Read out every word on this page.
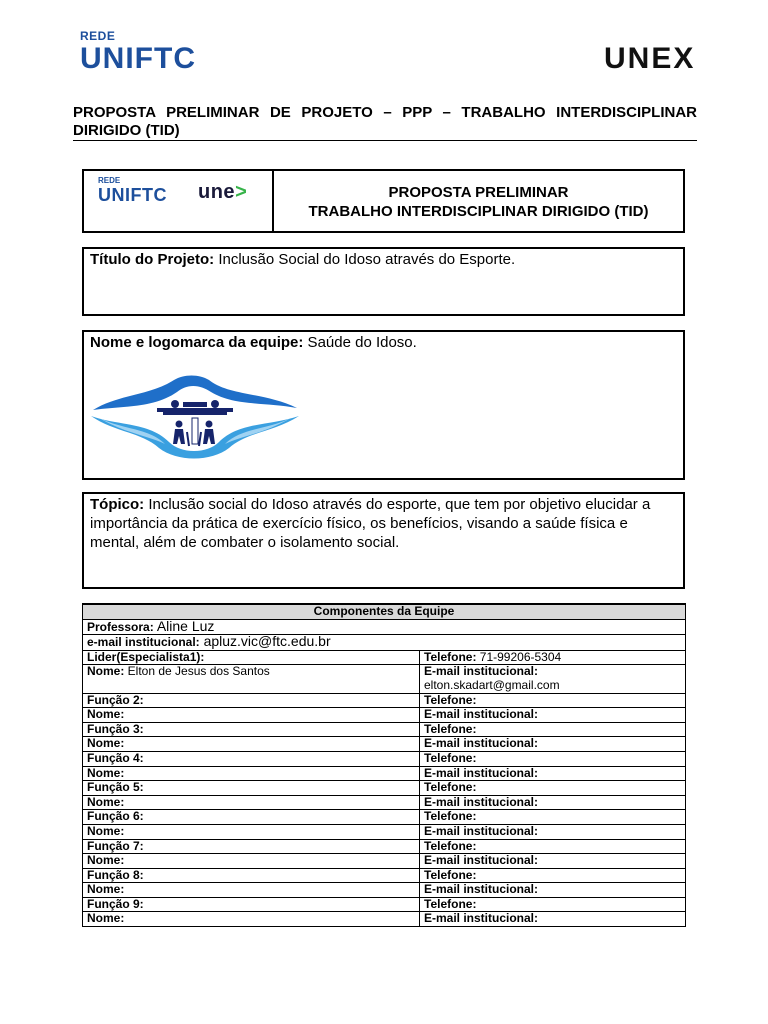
REDE
UNIFTC	UNEX
PROPOSTA PRELIMINAR DE PROJETO – PPP – TRABALHO INTERDISCIPLINAR DIRIGIDO (TID)
REDE
UNIFTC	une>	PROPOSTA PRELIMINAR
TRABALHO INTERDISCIPLINAR DIRIGIDO (TID)
Título do Projeto: Inclusão Social do Idoso através do Esporte.
Nome e logomarca da equipe: Saúde do Idoso.
Tópico: Inclusão social do Idoso através do esporte, que tem por objetivo elucidar a importância da prática de exercício físico, os benefícios, visando a saúde física e mental, além de combater o isolamento social.
Componentes da Equipe	
Professora: Aline Luz	
e-mail institucional: apluz.vic@ftc.edu.br	
Lider(Especialista1):	Telefone: 71-99206-5304
Nome: Elton de Jesus dos Santos	E-mail institucional:
elton.skadart@gmail.com

Função 2:	Telefone:
Nome:	E-mail institucional:
Função 3:	Telefone:
Nome:	E-mail institucional:
Função 4:	Telefone:
Nome:	E-mail institucional:
Função 5:	Telefone:
Nome:	E-mail institucional:
Função 6:	Telefone:
Nome:	E-mail institucional:
Função 7:	Telefone:
Nome:	E-mail institucional:
Função 8:	Telefone:
Nome:	E-mail institucional:
Função 9:	Telefone:
Nome:	E-mail institucional:
